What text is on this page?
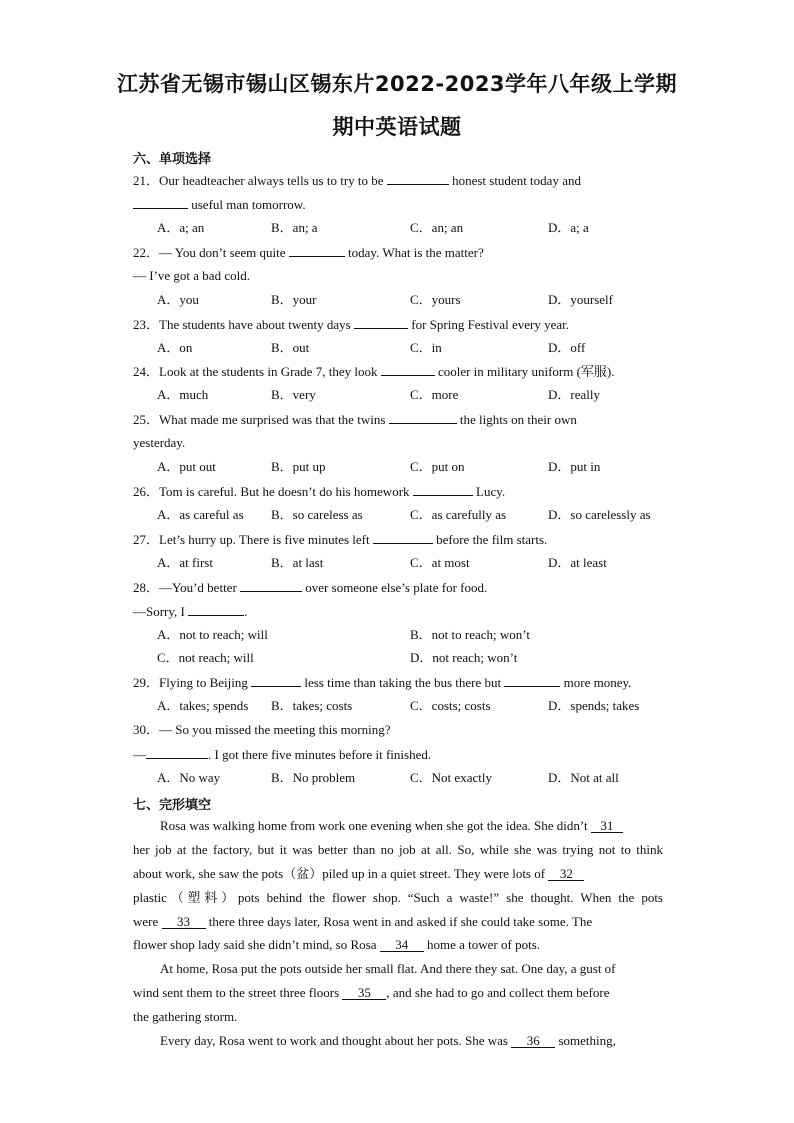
江苏省无锡市锡山区锡东片2022-2023学年八年级上学期
期中英语试题
六、单项选择
21．Our headteacher always tells us to try to be	honest student today and
useful man tomorrow.
A．a; an	B．an; a	C．an; an	D．a; a
22．— You don’t seem quite	today. What is the matter?
— I’ve got a bad cold.
A．you	B．your	C．yours	D．yourself
23．The students have about twenty days	for Spring Festival every year.
A．on	B．out	C．in	D．off
24．Look at the students in Grade 7, they look	cooler in military uniform (军服).
A．much	B．very	C．more	D．really
25．What made me surprised was that the twins	the lights on their own
yesterday.
A．put out	B．put up	C．put on	D．put in
26．Tom is careful. But he doesn’t do his homework	Lucy.
A．as careful as B．so careless as	C．as carefully as	D．so carelessly as
27．Let’s hurry up. There is five minutes left	before the film starts.
A．at first	B．at last	C．at most	D．at least
28．—You’d better	over someone else’s plate for food.
—Sorry, I	.
A．not to reach; will	B．not to reach; won’t
C．not reach; will	D．not reach; won’t
29．Flying to Beijing	less time than taking the bus there but	more money.
A．takes; spends B．takes; costs	C．costs; costs	D．spends; takes
30．— So you missed the meeting this morning?
—	. I got there five minutes before it finished.
A．No way	B．No problem	C．Not exactly	D．Not at all
七、完形填空
Rosa was walking home from work one evening when she got the idea. She didn’t 31
her job at the factory, but it was better than no job at all. So, while she was trying not to think
about work, she saw the pots（盆）piled up in a quiet street. They were lots of 32
plastic（塑料）pots behind the flower shop. “Such a waste!” she thought. When the pots
were 33 there three days later, Rosa went in and asked if she could take some. The
flower shop lady said she didn’t mind, so Rosa 34 home a tower of pots.
At home, Rosa put the pots outside her small flat. And there they sat. One day, a gust of
wind sent them to the street three floors 35 , and she had to go and collect them before
the gathering storm.
Every day, Rosa went to work and thought about her pots. She was 36 something,
